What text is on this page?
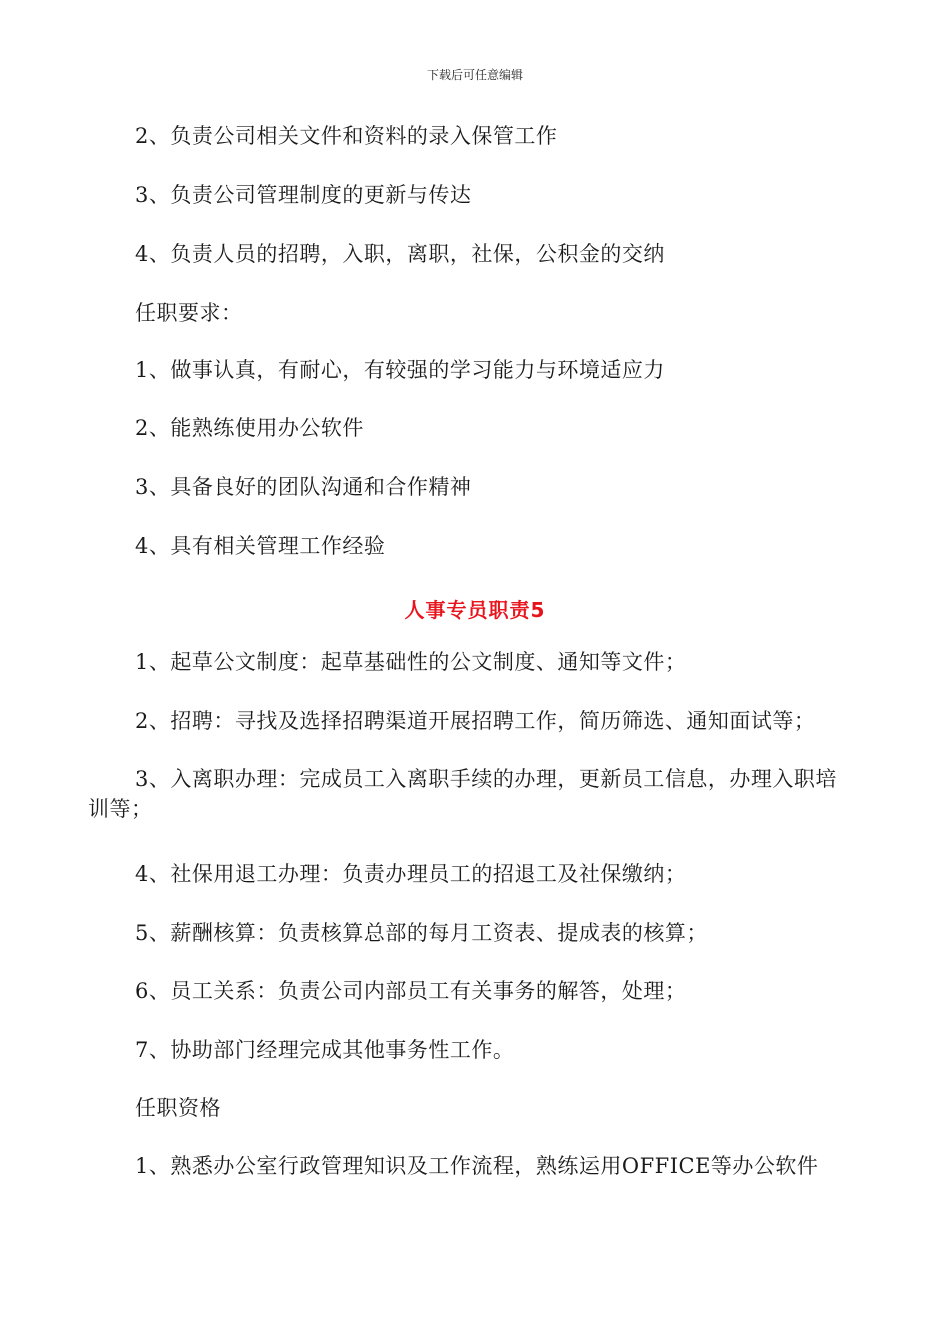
下载后可任意编辑
2、负责公司相关文件和资料的录入保管工作
3、负责公司管理制度的更新与传达
4、负责人员的招聘，入职，离职，社保，公积金的交纳
任职要求：
1、做事认真，有耐心，有较强的学习能力与环境适应力
2、能熟练使用办公软件
3、具备良好的团队沟通和合作精神
4、具有相关管理工作经验
人事专员职责5
1、起草公文制度：起草基础性的公文制度、通知等文件；
2、招聘：寻找及选择招聘渠道开展招聘工作，简历筛选、通知面试等；
3、入离职办理：完成员工入离职手续的办理，更新员工信息，办理入职培
训等；
4、社保用退工办理：负责办理员工的招退工及社保缴纳；
5、薪酬核算：负责核算总部的每月工资表、提成表的核算；
6、员工关系：负责公司内部员工有关事务的解答，处理；
7、协助部门经理完成其他事务性工作。
任职资格
1、熟悉办公室行政管理知识及工作流程，熟练运用OFFICE等办公软件
